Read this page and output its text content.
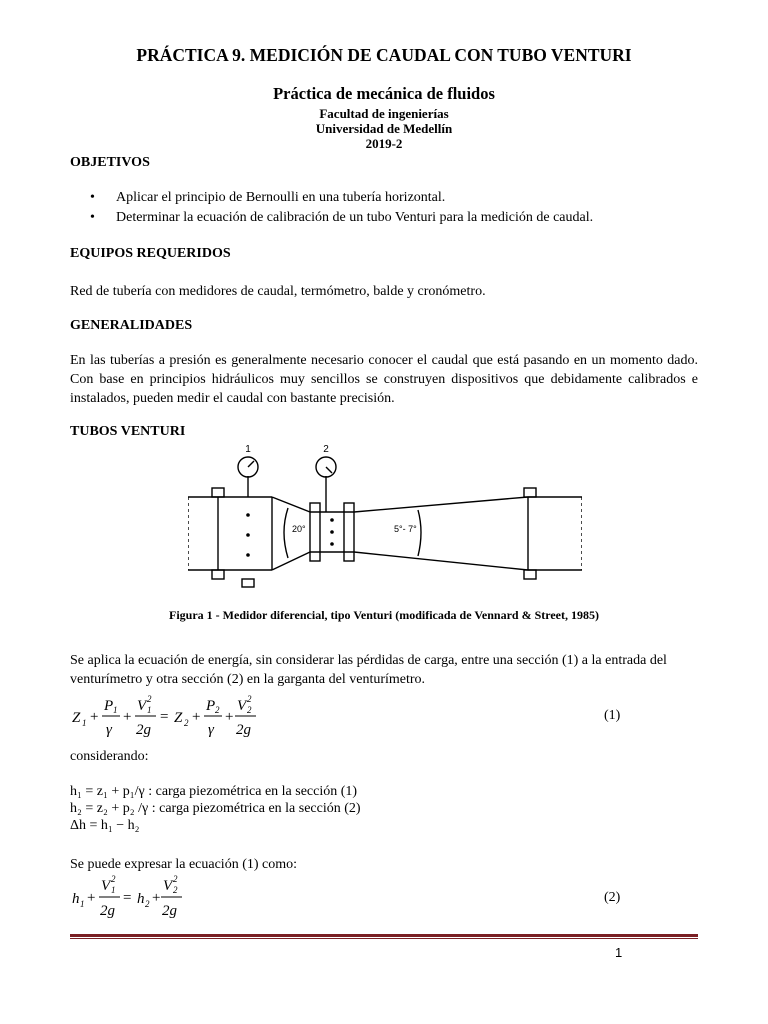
PRÁCTICA 9. MEDICIÓN DE CAUDAL CON TUBO VENTURI
Práctica de mecánica de fluidos
Facultad de ingenierías
Universidad de Medellín
2019-2
OBJETIVOS
• Aplicar el principio de Bernoulli en una tubería horizontal.
• Determinar la ecuación de calibración de un tubo Venturi para la medición de caudal.
EQUIPOS REQUERIDOS
Red de tubería con medidores de caudal, termómetro, balde y cronómetro.
GENERALIDADES
En las tuberías a presión es generalmente necesario conocer el caudal que está pasando en un momento dado. Con base en principios hidráulicos muy sencillos se construyen dispositivos que debidamente calibrados e instalados, pueden medir el caudal con bastante precisión.
TUBOS VENTURI
1	2
20°	5°- 7°
Figura 1 - Medidor diferencial, tipo Venturi (modificada de Vennard & Street, 1985)
Se aplica la ecuación de energía, sin considerar las pérdidas de carga, entre una sección (1) a la entrada del venturímetro y otra sección (2) en la garganta del venturímetro.
Z 1 +
P 1
γ
+
V 1
2
2g
= Z 2 +
P 2
γ
+
V 2
2
2g
(1)
considerando:
h₁ = z₁ + p₁/γ : carga piezométrica en la sección (1)
h₂ = z₂ + p₂ /γ : carga piezométrica en la sección (2)
Δh = h₁ − h₂
Se puede expresar la ecuación (1) como:
h 1 +
V 1
2
2g
= h 2 +
V 2
2
2g
(2)
1
